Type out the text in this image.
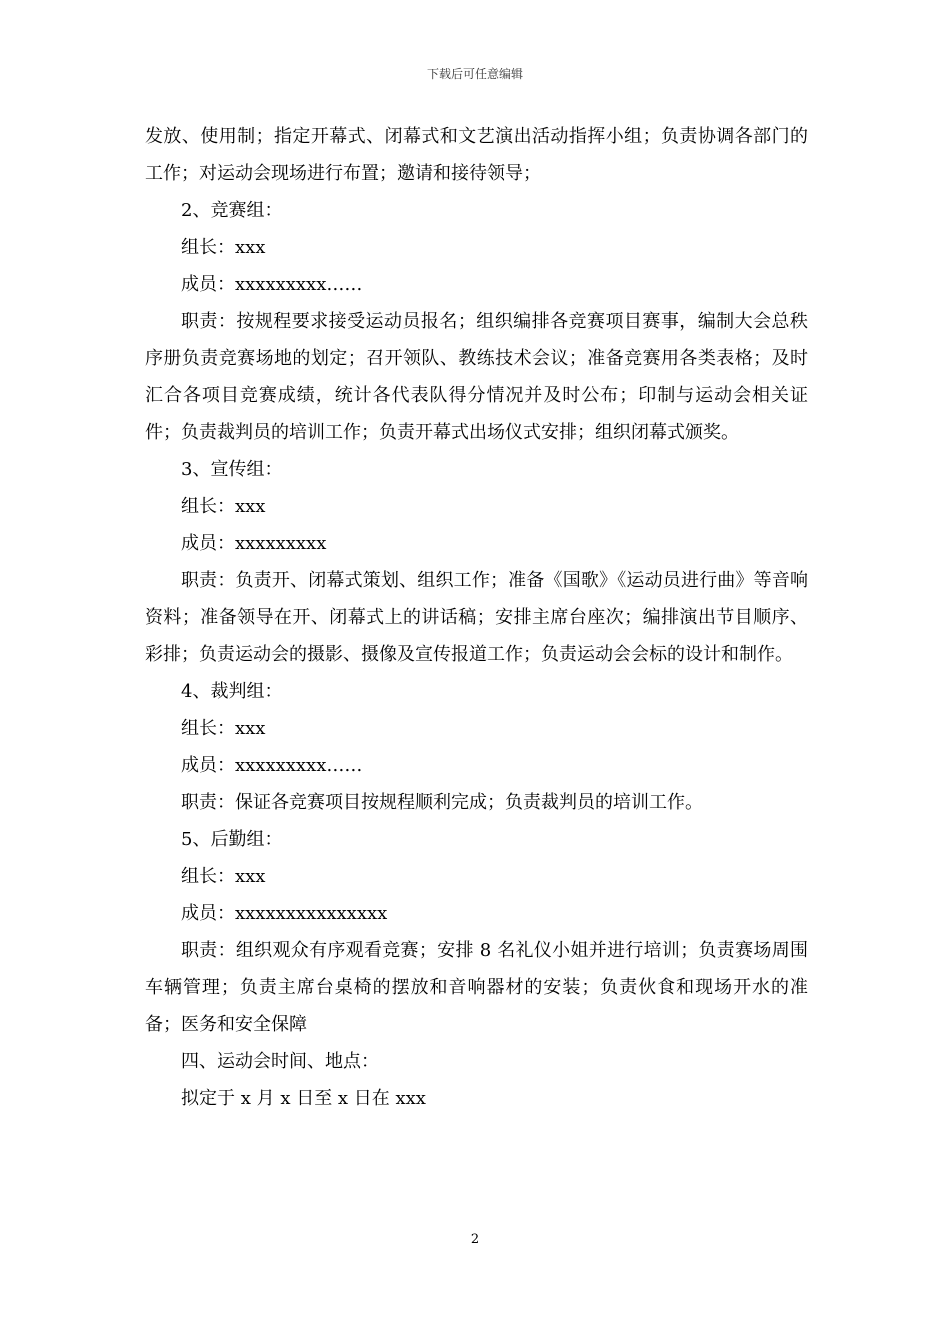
下载后可任意编辑

发放、使用制；指定开幕式、闭幕式和文艺演出活动指挥小组；负责协调各部门的工作；对运动会现场进行布置；邀请和接待领导；

2、竞赛组：

组长：xxx

成员：xxxxxxxxx……

职责：按规程要求接受运动员报名；组织编排各竞赛项目赛事，编制大会总秩序册负责竞赛场地的划定；召开领队、教练技术会议；准备竞赛用各类表格；及时汇合各项目竞赛成绩，统计各代表队得分情况并及时公布；印制与运动会相关证件；负责裁判员的培训工作；负责开幕式出场仪式安排；组织闭幕式颁奖。

3、宣传组：

组长：xxx

成员：xxxxxxxxx

职责：负责开、闭幕式策划、组织工作；准备《国歌》《运动员进行曲》等音响资料；准备领导在开、闭幕式上的讲话稿；安排主席台座次；编排演出节目顺序、彩排；负责运动会的摄影、摄像及宣传报道工作；负责运动会会标的设计和制作。

4、裁判组：

组长：xxx

成员：xxxxxxxxx……

职责：保证各竞赛项目按规程顺利完成；负责裁判员的培训工作。

5、后勤组：

组长：xxx

成员：xxxxxxxxxxxxxxx

职责：组织观众有序观看竞赛；安排 8 名礼仪小姐并进行培训；负责赛场周围车辆管理；负责主席台桌椅的摆放和音响器材的安装；负责伙食和现场开水的准备；医务和安全保障

四、运动会时间、地点：

拟定于 x 月 x 日至 x 日在 xxx

2
